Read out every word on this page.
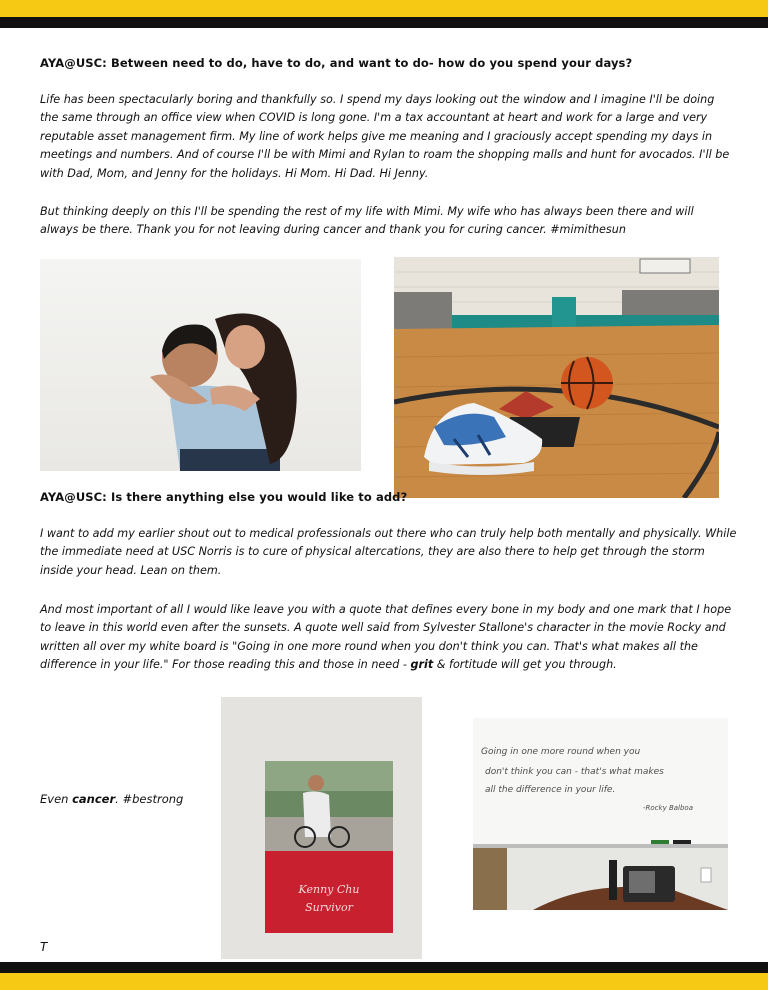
AYA@USC: Between need to do, have to do, and want to do- how do you spend your days?

Life has been spectacularly boring and thankfully so. I spend my days looking out the window and I imagine I'll be doing the same through an office view when COVID is long gone. I'm a tax accountant at heart and work for a large and very reputable asset management firm. My line of work helps give me meaning and I graciously accept spending my days in meetings and numbers. And of course I'll be with Mimi and Rylan to roam the shopping malls and hunt for avocados. I'll be with Dad, Mom, and Jenny for the holidays. Hi Mom. Hi Dad. Hi Jenny.

But thinking deeply on this I'll be spending the rest of my life with Mimi. My wife who has always been there and will always be there. Thank you for not leaving during cancer and thank you for curing cancer. #mimithesun

AYA@USC: Is there anything else you would like to add?

I want to add my earlier shout out to medical professionals out there who can truly help both mentally and physically. While the immediate need at USC Norris is to cure of physical altercations, they are also there to help get through the storm inside your head. Lean on them.

And most important of all I would like leave you with a quote that defines every bone in my body and one mark that I hope to leave in this world even after the sunsets. A quote well said from Sylvester Stallone's character in the movie Rocky and written all over my white board is "Going in one more round when you don't think you can. That's what makes all the difference in your life." For those reading this and those in need - grit & fortitude will get you through.

Kenny Chu
Survivor
Even cancer. #bestrong
Going in one more round when you
don't think you can - that's what makes
all the difference in your life.
-Rocky Balboa
T
